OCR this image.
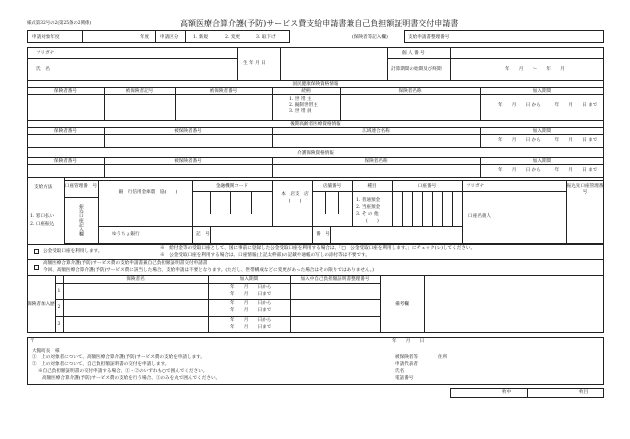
様式第32号の2(第25条の2関係)	高額医療合算介護(予防)サービス費支給申請書兼自己負担額証明書交付申請書
申請対象年度	年度 申請区分	1. 新規	2. 変更	3. 取下げ	(保険者等記入欄)	支給申請書整理番号
フリガナ
氏　名
生 年 月 日
個 人 番 号
計算期間の始期及び終期	年　　月　　～　　年　　月
国民健康保険資格情報
保険者番号	被保険者記号	被保険者番号	続柄	保険者名称	加入期間
1. 世 帯 主
2. 擬制世帯主
3. 世 帯 員
年　　月　　日 から　　　年　　月　　日 まで
後期高齢者医療資格情報
保険者番号	被保険者番号	広域連合名称	加入期間
年　　月　　日 から　　　年　　月　　日 まで
介護保険資格情報
保険者番号	被保険者番号	保険者名称	加入期間
年　　月　　日 から　　　年　　月　　日 まで
支給方法
1. 窓口払い
2. 口座振込
口座管理番　号
振込口座記入欄
銀　行信用金庫農　協(　　)
金融機関コード
本　店支　店(　　)
店舗番号	種目
1. 普通預金
2. 当座預金
3. そ の 他
(　　)
口座番号	フリガナ
口座名義人
振込先口座管理番号
ゆうちょ銀行	記　号	番　号
公金受取口座を利用します。
※　給付金等の受取口座として、国に事前に登録した公金受取口座を利用する場合は、「□　公金受取口座を利用します。」にチェック(レ)してください。
※　公金受取口座を利用する場合は、口座情報(上記太枠部)の記載や通帳の写しの添付等は不要です。
高額医療合算介護(予防)サービス費の支給申請書兼自己負担額証明書交付申請書
今回、高額医療合算介護(予防)サービス費に該当した場合、支給申請は不要となります。(ただし、世帯構成などに変更があった場合はその限りではありません。)
保険者加入歴
保険者名	加入期間	加入中自己負担額証明書整理番号
備考欄
1
年　　月　　日から
年　　月　　日まで
2
年　　月　　日から
年　　月　　日まで
3
年　　月　　日から
年　　月　　日まで
〒	年　　月　　日
大館町長　様
①　上の対象者について、高額医療合算介護(予防)サービス費の支給を申請します。
②　上の対象者について、自己負担額証明書の交付を申請します。
※自己負担額証明書の交付申請する場合、①・②のいずれも○で囲んでください。
高額医療合算介護(予防)サービス費の支給を行う場合、①のみを丸で囲んでください。
被保険者等	住所
申請代表者
氏名
電話番号
枚中	枚目
